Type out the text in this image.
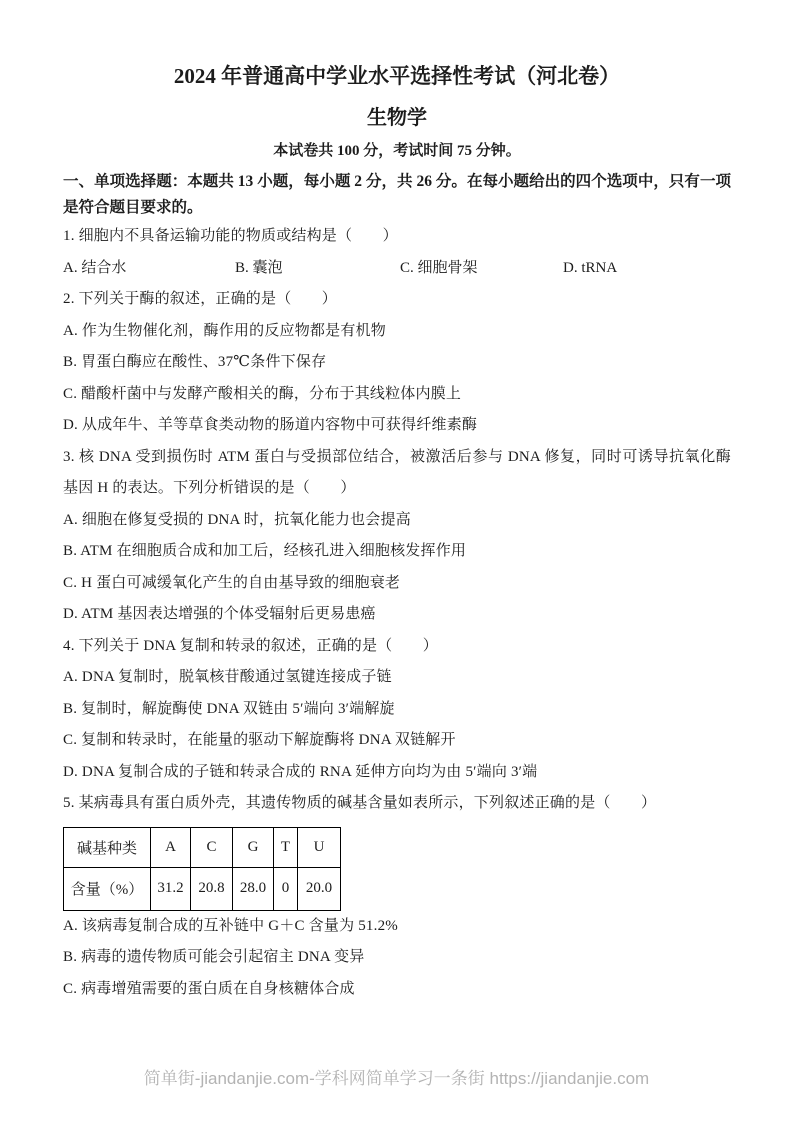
2024 年普通高中学业水平选择性考试（河北卷）
生物学
本试卷共 100 分，考试时间 75 分钟。
一、单项选择题：本题共 13 小题，每小题 2 分，共 26 分。在每小题给出的四个选项中，只有一项是符合题目要求的。

1. 细胞内不具备运输功能的物质或结构是（　　）

A. 结合水	B. 囊泡	C. 细胞骨架	D. tRNA

2. 下列关于酶的叙述，正确的是（　　）

A. 作为生物催化剂，酶作用的反应物都是有机物

B. 胃蛋白酶应在酸性、37℃条件下保存

C. 醋酸杆菌中与发酵产酸相关的酶，分布于其线粒体内膜上

D. 从成年牛、羊等草食类动物的肠道内容物中可获得纤维素酶

3. 核 DNA 受到损伤时 ATM 蛋白与受损部位结合，被激活后参与 DNA 修复，同时可诱导抗氧化酶基因 H 的表达。下列分析错误的是（　　）

A. 细胞在修复受损的 DNA 时，抗氧化能力也会提高

B. ATM 在细胞质合成和加工后，经核孔进入细胞核发挥作用

C. H 蛋白可减缓氧化产生的自由基导致的细胞衰老

D. ATM 基因表达增强的个体受辐射后更易患癌

4. 下列关于 DNA 复制和转录的叙述，正确的是（　　）

A. DNA 复制时，脱氧核苷酸通过氢键连接成子链

B. 复制时，解旋酶使 DNA 双链由 5′端向 3′端解旋

C. 复制和转录时，在能量的驱动下解旋酶将 DNA 双链解开

D. DNA 复制合成的子链和转录合成的 RNA 延伸方向均为由 5′端向 3′端

5. 某病毒具有蛋白质外壳，其遗传物质的碱基含量如表所示，下列叙述正确的是（　　）

碱基种类	A	C	G	T	U
含量（%）	31.2	20.8	28.0	0	20.0

A. 该病毒复制合成的互补链中 G＋C 含量为 51.2%

B. 病毒的遗传物质可能会引起宿主 DNA 变异

C. 病毒增殖需要的蛋白质在自身核糖体合成

简单街-jiandanjie.com-学科网简单学习一条街 https://jiandanjie.com
